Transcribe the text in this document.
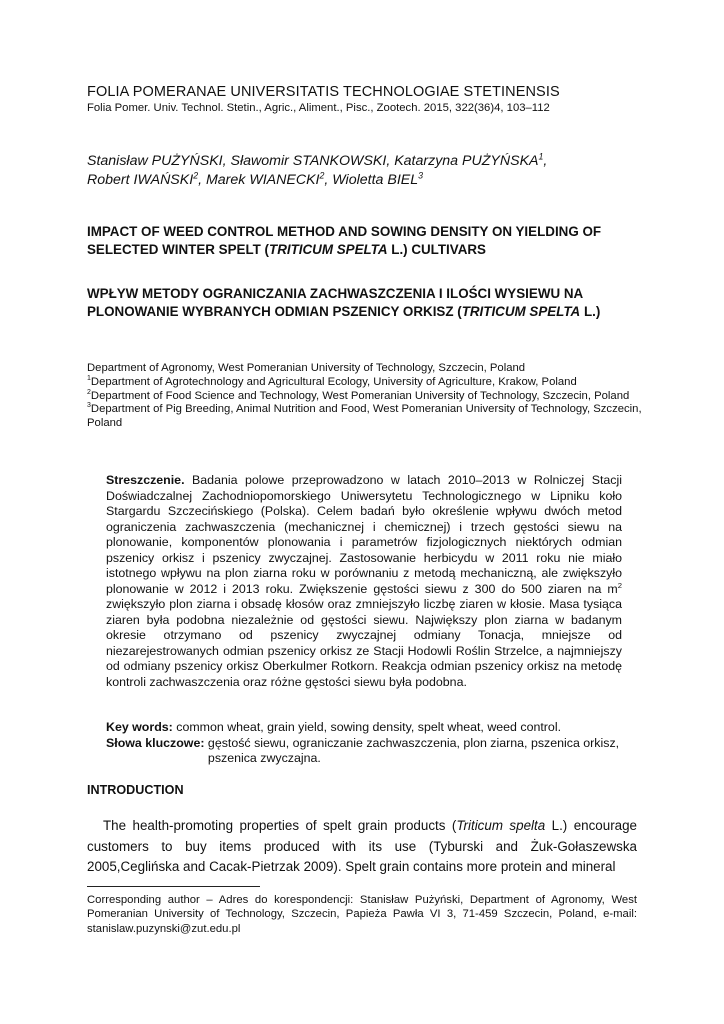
FOLIA POMERANAE UNIVERSITATIS TECHNOLOGIAE STETINENSIS
Folia Pomer. Univ. Technol. Stetin., Agric., Aliment., Pisc., Zootech. 2015, 322(36)4, 103–112
Stanisław PUŻYŃSKI, Sławomir STANKOWSKI, Katarzyna PUŻYŃSKA$^1$,
Robert IWAŃSKI$^2$, Marek WIANECKI$^2$, Wioletta BIEL$^3$
IMPACT OF WEED CONTROL METHOD AND SOWING DENSITY ON YIELDING OF SELECTED WINTER SPELT (TRITICUM SPELTA L.) CULTIVARS
WPŁYW METODY OGRANICZANIA ZACHWASZCZENIA I ILOŚCI WYSIEWU NA PLONOWANIE WYBRANYCH ODMIAN PSZENICY ORKISZ (TRITICUM SPELTA L.)
Department of Agronomy, West Pomeranian University of Technology, Szczecin, Poland
$^1$Department of Agrotechnology and Agricultural Ecology, University of Agriculture, Krakow, Poland
$^2$Department of Food Science and Technology, West Pomeranian University of Technology, Szczecin, Poland
$^3$Department of Pig Breeding, Animal Nutrition and Food, West Pomeranian University of Technology, Szczecin, Poland
Streszczenie. Badania polowe przeprowadzono w latach 2010–2013 w Rolniczej Stacji Doświadczalnej Zachodniopomorskiego Uniwersytetu Technologicznego w Lipniku koło Stargardu Szczecińskiego (Polska). Celem badań było określenie wpływu dwóch metod ograniczenia zachwaszczenia (mechanicznej i chemicznej) i trzech gęstości siewu na plonowanie, komponentów plonowania i parametrów fizjologicznych niektórych odmian pszenicy orkisz i pszenicy zwyczajnej. Zastosowanie herbicydu w 2011 roku nie miało istotnego wpływu na plon ziarna roku w porównaniu z metodą mechaniczną, ale zwiększyło plonowanie w 2012 i 2013 roku. Zwiększenie gęstości siewu z 300 do 500 ziaren na $m^2$ zwiększyło plon ziarna i obsadę kłosów oraz zmniejszyło liczbę ziaren w kłosie. Masa tysiąca ziaren była podobna niezależnie od gęstości siewu. Największy plon ziarna w badanym okresie otrzymano od pszenicy zwyczajnej odmiany Tonacja, mniejsze od niezarejestrowanych odmian pszenicy orkisz ze Stacji Hodowli Roślin Strzelce, a najmniejszy od odmiany pszenicy orkisz Oberkulmer Rotkorn. Reakcja odmian pszenicy orkisz na metodę kontroli zachwaszczenia oraz różne gęstości siewu była podobna.
Key words:
common wheat, grain yield, sowing density, spelt wheat, weed control.
Słowa kluczowe:
gęstość siewu, ograniczanie zachwaszczenia, plon ziarna, pszenica orkisz, pszenica zwyczajna.
INTRODUCTION
The health-promoting properties of spelt grain products (Triticum spelta L.) encourage customers to buy items produced with its use (Tyburski and Żuk-Gołaszewska 2005,Ceglińska and Cacak-Pietrzak 2009). Spelt grain contains more protein and mineral
Corresponding author – Adres do korespondencji: Stanisław Pużyński, Department of Agronomy, West Pomeranian University of Technology, Szczecin, Papieża Pawła VI 3, 71-459 Szczecin, Poland, e-mail: stanislaw.puzynski@zut.edu.pl
